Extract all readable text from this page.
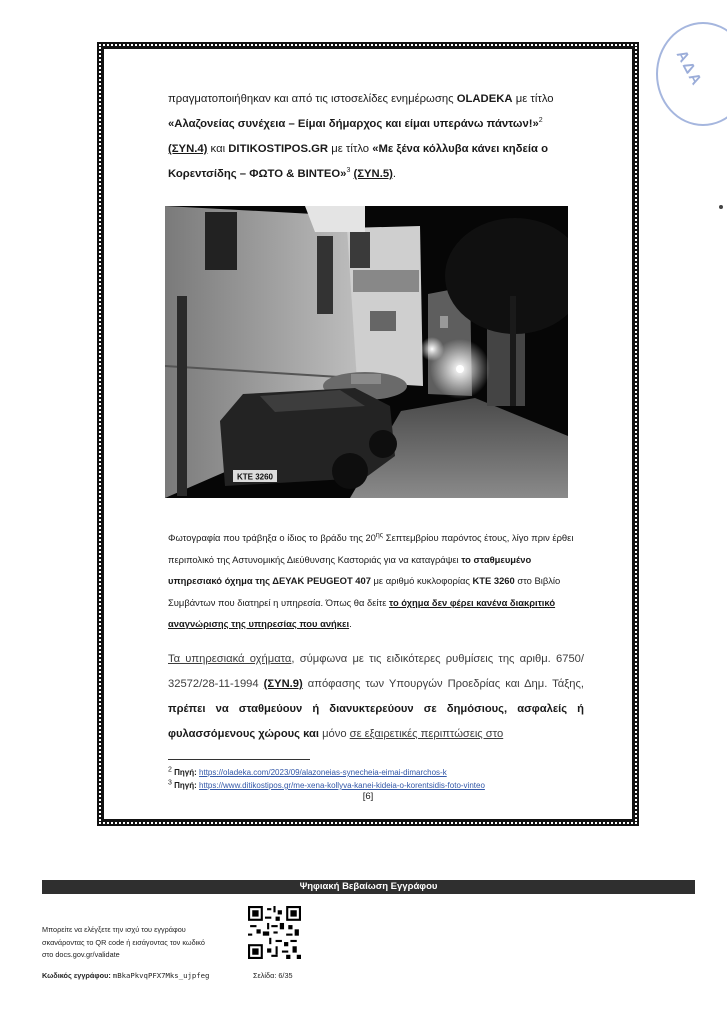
ΑΔΑ

πραγματοποιήθηκαν και από τις ιστοσελίδες ενημέρωσης OLADEKA με τίτλο

«Αλαζονείας συνέχεια – Είμαι δήμαρχος και είμαι υπεράνω πάντων!»$^2$

(ΣΥΝ.4) και DITIKOSTIPOS.GR με τίτλο «Με ξένα κόλλυβα κάνει κηδεία ο Κορεντσίδης – ΦΩΤΟ & ΒΙΝΤΕΟ»$^3$ (ΣΥΝ.5).

ΚΤΕ 3260

Φωτογραφία που τράβηξα ο ίδιος το βράδυ της $20^{\eta\varsigma}$ Σεπτεμβρίου παρόντος έτους, λίγο πριν έρθει περιπολικό της Αστυνομικής Διεύθυνσης Καστοριάς για να καταγράψει το σταθμευμένο υπηρεσιακό όχημα της ΔΕΥΑΚ PEUGEOT 407 με αριθμό κυκλοφορίας ΚΤΕ 3260 στο Βιβλίο Συμβάντων που διατηρεί η υπηρεσία. Όπως θα δείτε το όχημα δεν φέρει κανένα διακριτικό αναγνώρισης της υπηρεσίας που ανήκει.

Τα υπηρεσιακά οχήματα, σύμφωνα με τις ειδικότερες ρυθμίσεις της αριθμ. 6750/ 32572/28-11-1994 (ΣΥΝ.9) απόφασης των Υπουργών Προεδρίας και Δημ. Τάξης, πρέπει να σταθμεύουν ή διανυκτερεύουν σε δημόσιους, ασφαλείς ή φυλασσόμενους χώρους και μόνο σε εξαιρετικές περιπτώσεις στο

2 Πηγή: https://oladeka.com/2023/09/alazoneias-synecheia-eimai-dimarchos-k

3 Πηγή: https://www.ditikostipos.gr/me-xena-kollyva-kanei-kideia-o-korentsidis-foto-vinteo

[6]
Ψηφιακή Βεβαίωση Εγγράφου

Μπορείτε να ελέγξετε την ισχύ του εγγράφου

σκανάροντας το QR code ή εισάγοντας τον κωδικό

στο docs.gov.gr/validate

Κωδικός εγγράφου: mBkaPkvqPFX7Mks_ujpfeg	Σελίδα: 6/35
